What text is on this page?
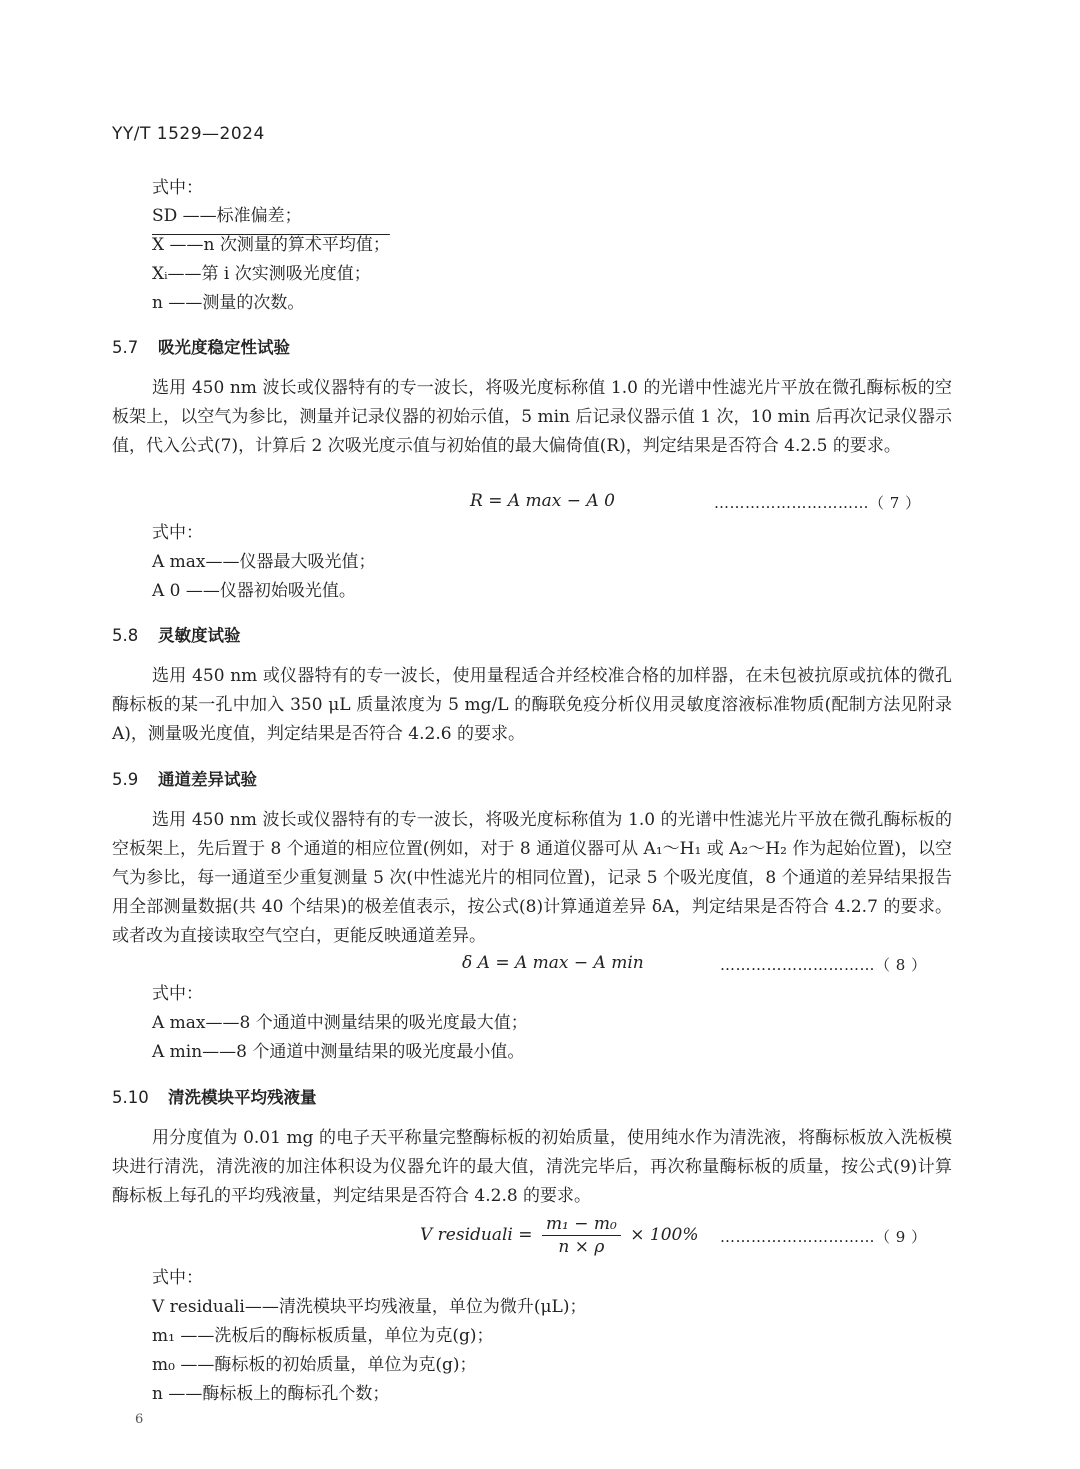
YY/T 1529—2024
式中：
SD ——标准偏差；
X ——n 次测量的算术平均值；
Xᵢ——第 i 次实测吸光度值；
n ——测量的次数。
5.7 吸光度稳定性试验

选用 450 nm 波长或仪器特有的专一波长，将吸光度标称值 1.0 的光谱中性滤光片平放在微孔酶标板的空板架上，以空气为参比，测量并记录仪器的初始示值，5 min 后记录仪器示值 1 次，10 min 后再次记录仪器示值，代入公式(7)，计算后 2 次吸光度示值与初始值的最大偏倚值(R)，判定结果是否符合 4.2.5 的要求。

R = A max − A 0	…………………………（ 7 ）
式中：
A max——仪器最大吸光值；
A 0 ——仪器初始吸光值。
5.8 灵敏度试验

选用 450 nm 或仪器特有的专一波长，使用量程适合并经校准合格的加样器，在未包被抗原或抗体的微孔酶标板的某一孔中加入 350 μL 质量浓度为 5 mg/L 的酶联免疫分析仪用灵敏度溶液标准物质(配制方法见附录 A)，测量吸光度值，判定结果是否符合 4.2.6 的要求。

5.9 通道差异试验

选用 450 nm 波长或仪器特有的专一波长，将吸光度标称值为 1.0 的光谱中性滤光片平放在微孔酶标板的空板架上，先后置于 8 个通道的相应位置(例如，对于 8 通道仪器可从 A₁～H₁ 或 A₂～H₂ 作为起始位置)，以空气为参比，每一通道至少重复测量 5 次(中性滤光片的相同位置)，记录 5 个吸光度值，8 个通道的差异结果报告用全部测量数据(共 40 个结果)的极差值表示，按公式(8)计算通道差异 δA，判定结果是否符合 4.2.7 的要求。或者改为直接读取空气空白，更能反映通道差异。

δ A = A max − A min	…………………………（ 8 ）
式中：
A max——8 个通道中测量结果的吸光度最大值；
A min——8 个通道中测量结果的吸光度最小值。
5.10 清洗模块平均残液量

用分度值为 0.01 mg 的电子天平称量完整酶标板的初始质量，使用纯水作为清洗液，将酶标板放入洗板模块进行清洗，清洗液的加注体积设为仪器允许的最大值，清洗完毕后，再次称量酶标板的质量，按公式(9)计算酶标板上每孔的平均残液量，判定结果是否符合 4.2.8 的要求。

V residuali = $\frac{\text{m₁ − m₀}}{n \times \rho} \times 100\%$ …………………………（ 9 ）
式中：
V residuali——清洗模块平均残液量，单位为微升(μL)；
m₁ ——洗板后的酶标板质量，单位为克(g)；
m₀ ——酶标板的初始质量，单位为克(g)；
n ——酶标板上的酶标孔个数；
6
